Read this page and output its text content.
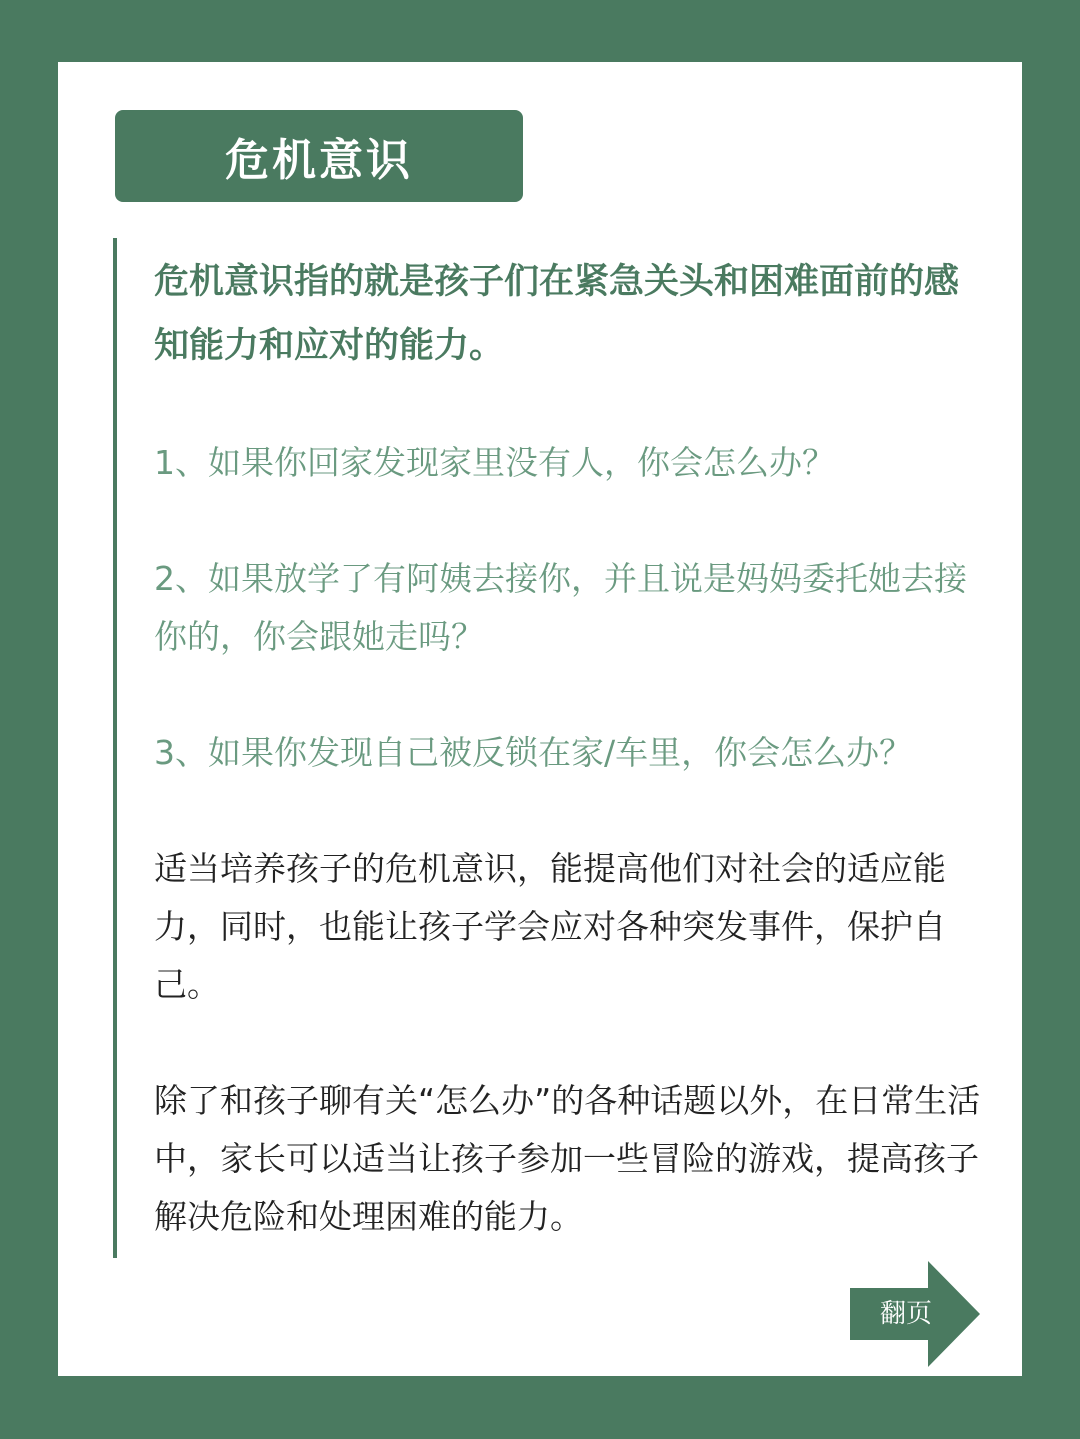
危机意识

危机意识指的就是孩子们在紧急关头和困难面前的感知能力和应对的能力。

1、如果你回家发现家里没有人，你会怎么办？

2、如果放学了有阿姨去接你，并且说是妈妈委托她去接你的，你会跟她走吗？

3、如果你发现自己被反锁在家/车里，你会怎么办？

适当培养孩子的危机意识，能提高他们对社会的适应能力，同时，也能让孩子学会应对各种突发事件，保护自己。

除了和孩子聊有关“怎么办”的各种话题以外，在日常生活中，家长可以适当让孩子参加一些冒险的游戏，提高孩子解决危险和处理困难的能力。

翻页
